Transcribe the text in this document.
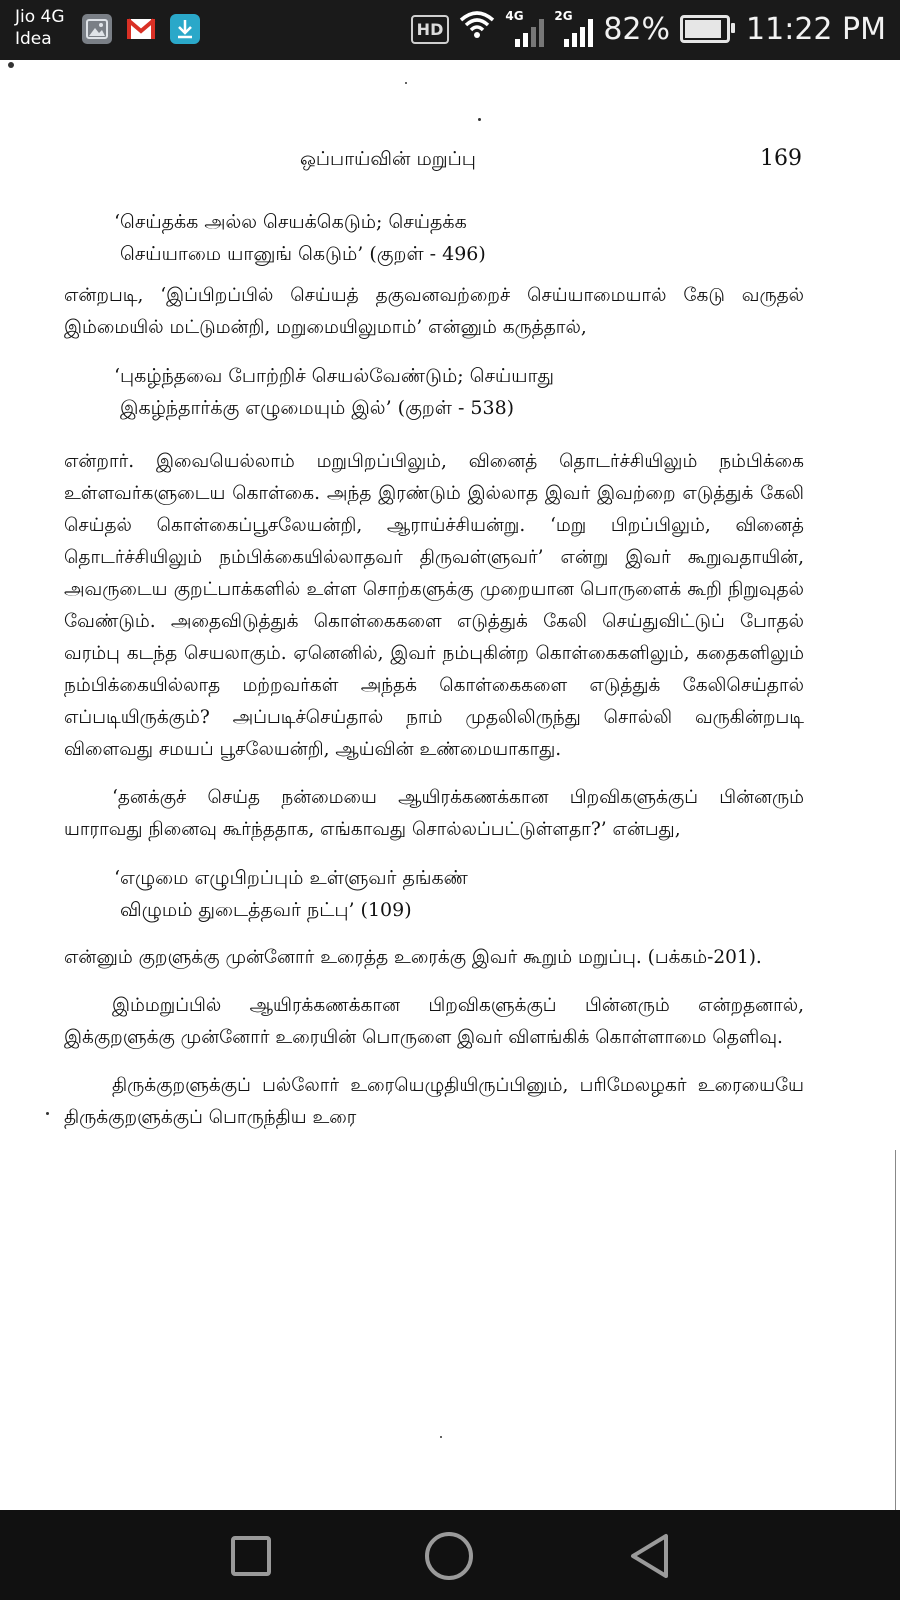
Jio 4G
Idea	HD
4G	2G 82%	11:22 PM
ஒப்பாய்வின் மறுப்பு	169
‘செய்தக்க அல்ல செயக்கெடும்; செய்தக்க
செய்யாமை யானுங் கெடும்’ (குறள் - 496)

என்றபடி, ‘இப்பிறப்பில் செய்யத் தகுவனவற்றைச் செய்யாமையால் கேடு வருதல் இம்மையில் மட்டுமன்றி, மறுமையிலுமாம்’ என்னும் கருத்தால்,

‘புகழ்ந்தவை போற்றிச் செயல்வேண்டும்; செய்யாது
இகழ்ந்தார்க்கு எழுமையும் இல்’ (குறள் - 538)

என்றார். இவையெல்லாம் மறுபிறப்பிலும், வினைத் தொடர்ச்சியிலும் நம்பிக்கை உள்ளவர்களுடைய கொள்கை. அந்த இரண்டும் இல்லாத இவர் இவற்றை எடுத்துக் கேலி செய்தல் கொள்கைப்பூசலேயன்றி, ஆராய்ச்சியன்று. ‘மறு பிறப்பிலும், வினைத் தொடர்ச்சியிலும் நம்பிக்கையில்லாதவர் திருவள்ளுவர்’ என்று இவர் கூறுவதாயின், அவருடைய குறட்பாக்களில் உள்ள சொற்களுக்கு முறையான பொருளைக் கூறி நிறுவுதல் வேண்டும். அதைவிடுத்துக் கொள்கைகளை எடுத்துக் கேலி செய்துவிட்டுப் போதல் வரம்பு கடந்த செயலாகும். ஏனெனில், இவர் நம்புகின்ற கொள்கைகளிலும், கதைகளிலும் நம்பிக்கையில்லாத மற்றவர்கள் அந்தக் கொள்கைகளை எடுத்துக் கேலிசெய்தால் எப்படியிருக்கும்? அப்படிச்செய்தால் நாம் முதலிலிருந்து சொல்லி வருகின்றபடி விளைவது சமயப் பூசலேயன்றி, ஆய்வின் உண்மையாகாது.

‘தனக்குச் செய்த நன்மையை ஆயிரக்கணக்கான பிறவிகளுக்குப் பின்னரும் யாராவது நினைவு கூர்ந்ததாக, எங்காவது சொல்லப்பட்டுள்ளதா?’ என்பது,

‘எழுமை எழுபிறப்பும் உள்ளுவர் தங்கண்
விழுமம் துடைத்தவர் நட்பு’ (109)

என்னும் குறளுக்கு முன்னோர் உரைத்த உரைக்கு இவர் கூறும் மறுப்பு. (பக்கம்-201).

இம்மறுப்பில் ஆயிரக்கணக்கான பிறவிகளுக்குப் பின்னரும் என்றதனால், இக்குறளுக்கு முன்னோர் உரையின் பொருளை இவர் விளங்கிக் கொள்ளாமை தெளிவு.

திருக்குறளுக்குப் பல்லோர் உரையெழுதியிருப்பினும், பரிமேலழகர் உரையையே திருக்குறளுக்குப் பொருந்திய உரை
